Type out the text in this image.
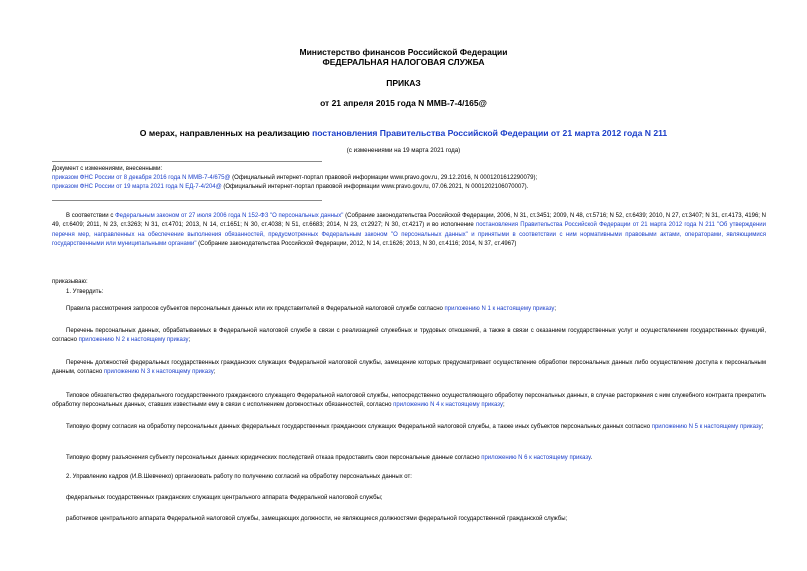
Министерство финансов Российской Федерации
ФЕДЕРАЛЬНАЯ НАЛОГОВАЯ СЛУЖБА
ПРИКАЗ
от 21 апреля 2015 года N ММВ-7-4/165@
О мерах, направленных на реализацию постановления Правительства Российской Федерации от 21 марта 2012 года N 211
(с изменениями на 19 марта 2021 года)
Документ с изменениями, внесенными:
приказом ФНС России от 8 декабря 2016 года N ММВ-7-4/675@ (Официальный интернет-портал правовой информации www.pravo.gov.ru, 29.12.2016, N 0001201612290079);
приказом ФНС России от 19 марта 2021 года N ЕД-7-4/204@ (Официальный интернет-портал правовой информации www.pravo.gov.ru, 07.06.2021, N 0001202106070007).

В соответствии с Федеральным законом от 27 июля 2006 года N 152-ФЗ "О персональных данных" (Собрание законодательства Российской Федерации, 2006, N 31, ст.3451; 2009, N 48, ст.5716; N 52, ст.6439; 2010, N 27, ст.3407; N 31, ст.4173, 4196; N 49, ст.6409; 2011, N 23, ст.3263; N 31, ст.4701; 2013, N 14, ст.1651; N 30, ст.4038; N 51, ст.6683; 2014, N 23, ст.2927; N 30, ст.4217) и во исполнение постановления Правительства Российской Федерации от 21 марта 2012 года N 211 "Об утверждении перечня мер, направленных на обеспечение выполнения обязанностей, предусмотренных Федеральным законом "О персональных данных" и принятыми в соответствии с ним нормативными правовыми актами, операторами, являющимися государственными или муниципальными органами" (Собрание законодательства Российской Федерации, 2012, N 14, ст.1626; 2013, N 30, ст.4116; 2014, N 37, ст.4967)

приказываю:
1. Утвердить:

Правила рассмотрения запросов субъектов персональных данных или их представителей в Федеральной налоговой службе согласно приложению N 1 к настоящему приказу;

Перечень персональных данных, обрабатываемых в Федеральной налоговой службе в связи с реализацией служебных и трудовых отношений, а также в связи с оказанием государственных услуг и осуществлением государственных функций, согласно приложению N 2 к настоящему приказу;

Перечень должностей федеральных государственных гражданских служащих Федеральной налоговой службы, замещение которых предусматривает осуществление обработки персональных данных либо осуществление доступа к персональным данным, согласно приложению N 3 к настоящему приказу;

Типовое обязательство федерального государственного гражданского служащего Федеральной налоговой службы, непосредственно осуществляющего обработку персональных данных, в случае расторжения с ним служебного контракта прекратить обработку персональных данных, ставших известными ему в связи с исполнением должностных обязанностей, согласно приложению N 4 к настоящему приказу;

Типовую форму согласия на обработку персональных данных федеральных государственных гражданских служащих Федеральной налоговой службы, а также иных субъектов персональных данных согласно приложению N 5 к настоящему приказу;

Типовую форму разъяснения субъекту персональных данных юридических последствий отказа предоставить свои персональные данные согласно приложению N 6 к настоящему приказу.

2. Управлению кадров (И.В.Шевченко) организовать работу по получению согласий на обработку персональных данных от:

федеральных государственных гражданских служащих центрального аппарата Федеральной налоговой службы;

работников центрального аппарата Федеральной налоговой службы, замещающих должности, не являющиеся должностями федеральной государственной гражданской службы;
